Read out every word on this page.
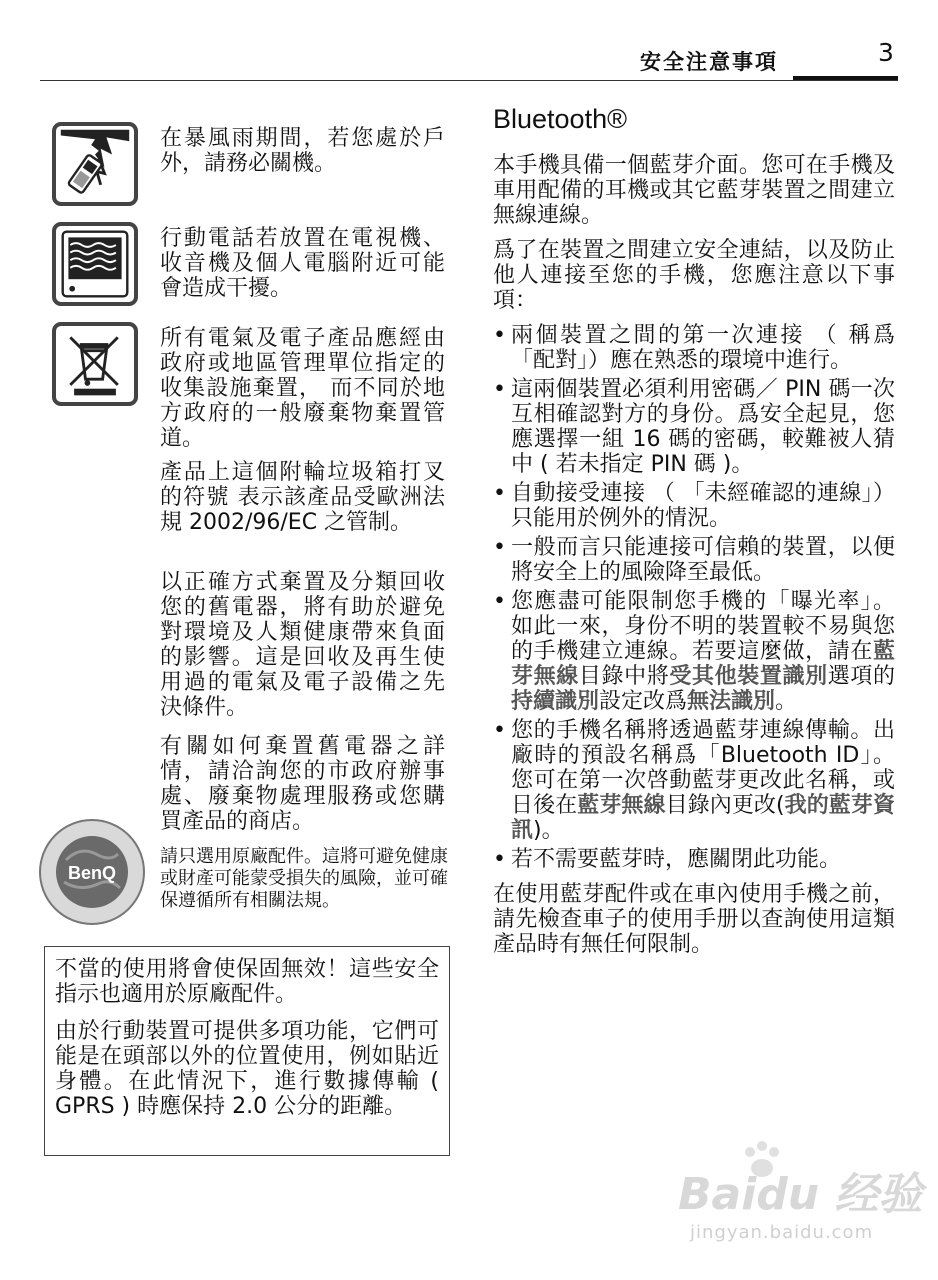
安全注意事項	3
在暴風雨期間，若您處於戶外，請務必關機。
行動電話若放置在電視機、收音機及個人電腦附近可能會造成干擾。
所有電氣及電子產品應經由政府或地區管理單位指定的收集設施棄置， 而不同於地方政府的一般廢棄物棄置管道。
產品上這個附輪垃圾箱打叉的符號 表示該產品受歐洲法規 2002/96/EC 之管制。
以正確方式棄置及分類回收您的舊電器，將有助於避免對環境及人類健康帶來負面的影響。這是回收及再生使用過的電氣及電子設備之先決條件。
有關如何棄置舊電器之詳情，請洽詢您的市政府辦事處、廢棄物處理服務或您購買產品的商店。
BenQ
請只選用原廠配件。這將可避免健康或財產可能蒙受損失的風險，並可確保遵循所有相關法規。

不當的使用將會使保固無效！這些安全指示也適用於原廠配件。

由於行動裝置可提供多項功能，它們可能是在頭部以外的位置使用，例如貼近身體。在此情況下，進行數據傳輸 ( GPRS ) 時應保持 2.0 公分的距離。

Bluetooth®

本手機具備一個藍芽介面。您可在手機及 車用配備的耳機或其它藍芽裝置之間建立無線連線。

爲了在裝置之間建立安全連結，以及防止他人連接至您的手機，您應注意以下事項：

• 兩個裝置之間的第一次連接 （ 稱爲「配對」）應在熟悉的環境中進行。
• 這兩個裝置必須利用密碼／ PIN 碼一次互相確認對方的身份。爲安全起見，您應選擇一組 16 碼的密碼，較難被人猜中 ( 若未指定 PIN 碼 )。
• 自動接受連接 （ 「未經確認的連線」）只能用於例外的情況。
• 一般而言只能連接可信賴的裝置，以便將安全上的風險降至最低。
• 您應盡可能限制您手機的「曝光率」。如此一來，身份不明的裝置較不易與您的手機建立連線。若要這麼做，請在藍芽無線目錄中將受其他裝置識別選項的持續識別設定改爲無法識別。
• 您的手機名稱將透過藍芽連線傳輸。出廠時的預設名稱爲「Bluetooth ID」。您可在第一次啓動藍芽更改此名稱，或日後在藍芽無線目錄內更改(我的藍芽資訊)。
• 若不需要藍芽時，應關閉此功能。

在使用藍芽配件或在車內使用手機之前，請先檢查車子的使用手册以查詢使用這類產品時有無任何限制。

Baidu 经验
jingyan.baidu.com
